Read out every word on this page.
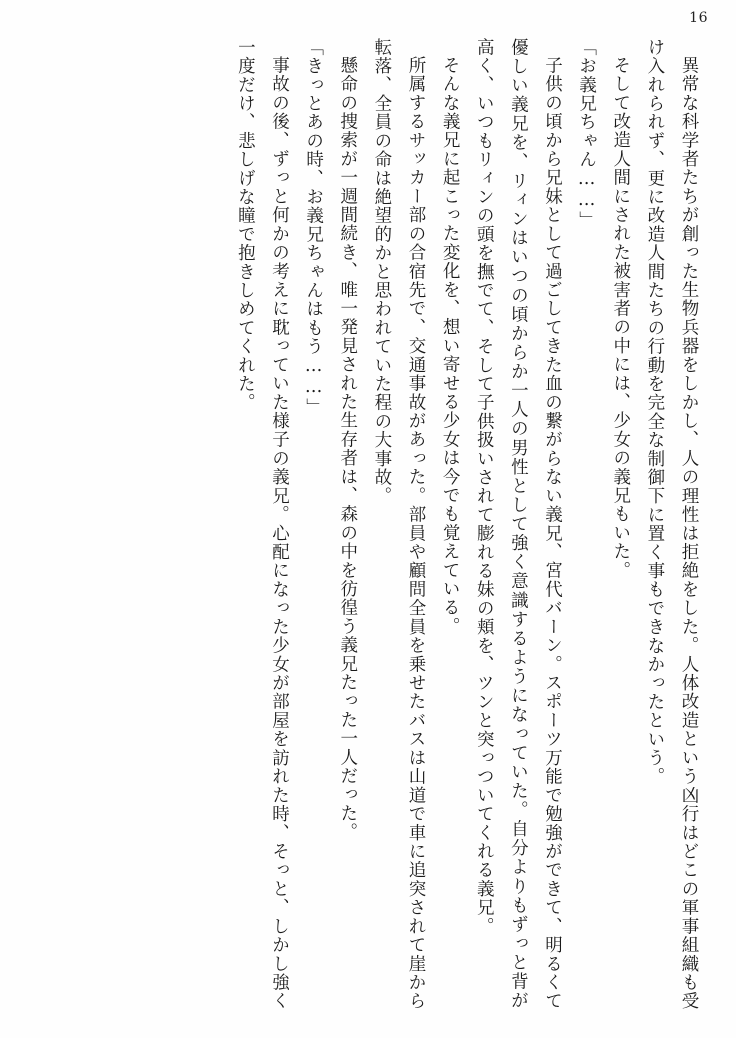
16

異常な科学者たちが創った生物兵器をしかし、人の理性は拒絶をした。人体改造という凶行はどこの軍事組織も受け入れられず、更に改造人間たちの行動を完全な制御下に置く事もできなかったという。

そして改造人間にされた被害者の中には、少女の義兄もいた。

「お義兄ちゃん……」

子供の頃から兄妹として過ごしてきた血の繋がらない義兄、宮代バーン。スポーツ万能で勉強ができて、明るくて優しい義兄を、リィンはいつの頃からか一人の男性として強く意識するようになっていた。自分よりもずっと背が高く、いつもリィンの頭を撫でて、そして子供扱いされて膨れる妹の頬を、ツンと突っついてくれる義兄。

そんな義兄に起こった変化を、想い寄せる少女は今でも覚えている。

所属するサッカー部の合宿先で、交通事故があった。部員や顧問全員を乗せたバスは山道で車に追突されて崖から転落、全員の命は絶望的かと思われていた程の大事故。

懸命の捜索が一週間続き、唯一発見された生存者は、森の中を彷徨う義兄たった一人だった。

「きっとあの時、お義兄ちゃんはもう……」

事故の後、ずっと何かの考えに耽っていた様子の義兄。心配になった少女が部屋を訪れた時、そっと、しかし強く一度だけ、悲しげな瞳で抱きしめてくれた。
